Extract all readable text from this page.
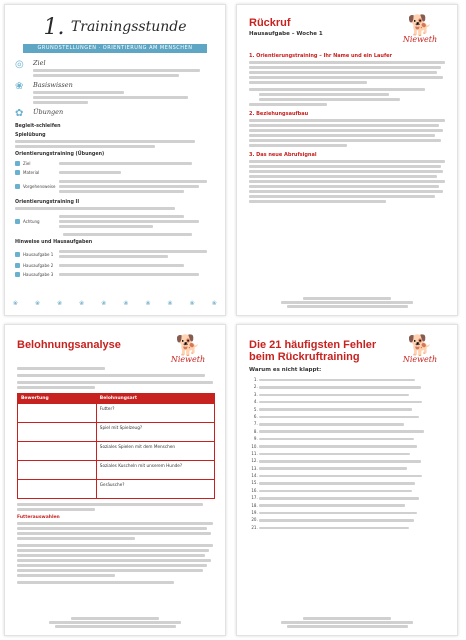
1. Trainingsstunde
GRUNDSTELLUNGEN · ORIENTIERUNG AM MENSCHEN
◎	Ziel
❀	Basiswissen
✿	Übungen
Begleit-schleifen
Spielübung
Orientierungstraining (Übungen)
Ziel
Material
Vorgehensweise
Orientierungstraining II
Achtung
Hinweise und Hausaufgaben
Hausaufgabe 1
Hausaufgabe 2
Hausaufgabe 3
❀	❀	❀	❀	❀	❀	❀	❀	❀	❀
Rückruf
Hausaufgabe – Woche 1	🐕
Nieweth
1. Orientierungstraining – Ihr Name und ein Laufer
2. Beziehungsaufbau
3. Das neue Abrufsignal
Belohnungsanalyse	🐕
Nieweth
Bewertung	Belohnungsart
	Futter?
	Spiel mit Spielzeug?
	Soziales Spielen mit dem Menschen
	Soziales Kuscheln mit unserem Hunde?
	Geräusche?
Futterauswahlen
Die 21 häufigsten Fehler beim Rückruftraining
Warum es nicht klappt:
🐕
Nieweth
1.
2.
3.
4.
5.
6.
7.
8.
9.
10.
11.
12.
13.
14.
15.
16.
17.
18.
19.
20.
21.
